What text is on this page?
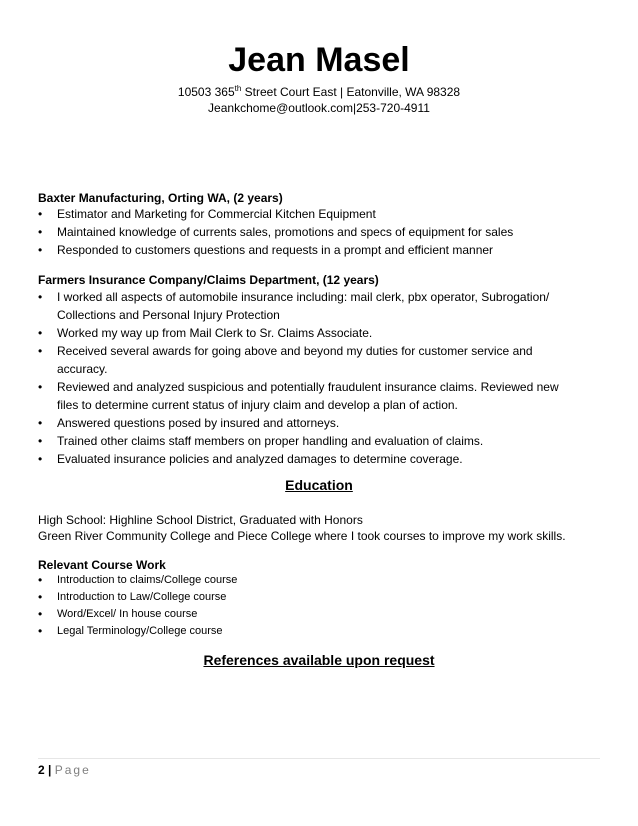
Jean Masel
10503 365th Street Court East | Eatonville, WA 98328
Jeankchome@outlook.com|253-720-4911
Baxter Manufacturing, Orting WA, (2 years)
• Estimator and Marketing for Commercial Kitchen Equipment
• Maintained knowledge of currents sales, promotions and specs of equipment for sales
• Responded to customers questions and requests in a prompt and efficient manner
Farmers Insurance Company/Claims Department, (12 years)
• I worked all aspects of automobile insurance including: mail clerk, pbx operator, Subrogation/ Collections and Personal Injury Protection
• Worked my way up from Mail Clerk to Sr. Claims Associate.
• Received several awards for going above and beyond my duties for customer service and accuracy.
• Reviewed and analyzed suspicious and potentially fraudulent insurance claims. Reviewed new files to determine current status of injury claim and develop a plan of action.
• Answered questions posed by insured and attorneys.
• Trained other claims staff members on proper handling and evaluation of claims.
• Evaluated insurance policies and analyzed damages to determine coverage.
Education
High School: Highline School District, Graduated with Honors
Green River Community College and Piece College where I took courses to improve my work skills.
Relevant Course Work
• Introduction to claims/College course
• Introduction to Law/College course
• Word/Excel/ In house course
• Legal Terminology/College course
References available upon request
2 | Page
